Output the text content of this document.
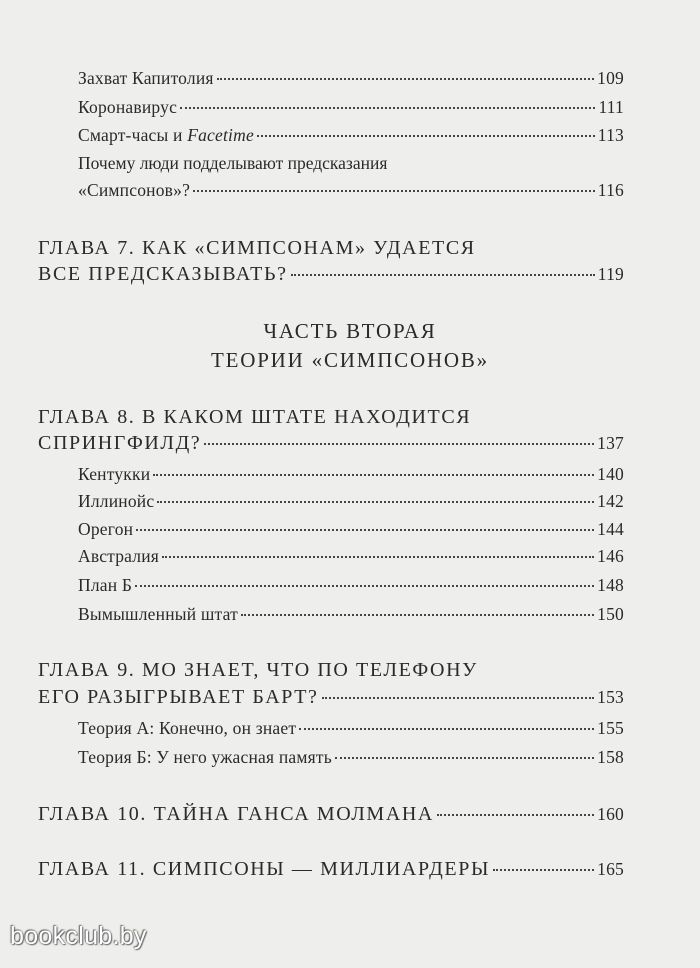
Захват Капитолия	109
Коронавирус	111
Смарт-часы и Facetime	113
Почему люди подделывают предсказания
«Симпсонов»?	116
ГЛАВА 7. КАК «СИМПСОНАМ» УДАЕТСЯ
ВСЕ ПРЕДСКАЗЫВАТЬ?	119
ЧАСТЬ ВТОРАЯ
ТЕОРИИ «СИМПСОНОВ»
ГЛАВА 8. В КАКОМ ШТАТЕ НАХОДИТСЯ
СПРИНГФИЛД?	137
Кентукки	140
Иллинойс	142
Орегон	144
Австралия	146
План Б	148
Вымышленный штат	150
ГЛАВА 9. МО ЗНАЕТ, ЧТО ПО ТЕЛЕФОНУ
ЕГО РАЗЫГРЫВАЕТ БАРТ?	153
Теория А: Конечно, он знает	155
Теория Б: У него ужасная память	158
ГЛАВА 10. ТАЙНА ГАНСА МОЛМАНА	160
ГЛАВА 11. СИМПСОНЫ — МИЛЛИАРДЕРЫ	165
bookclub.by
